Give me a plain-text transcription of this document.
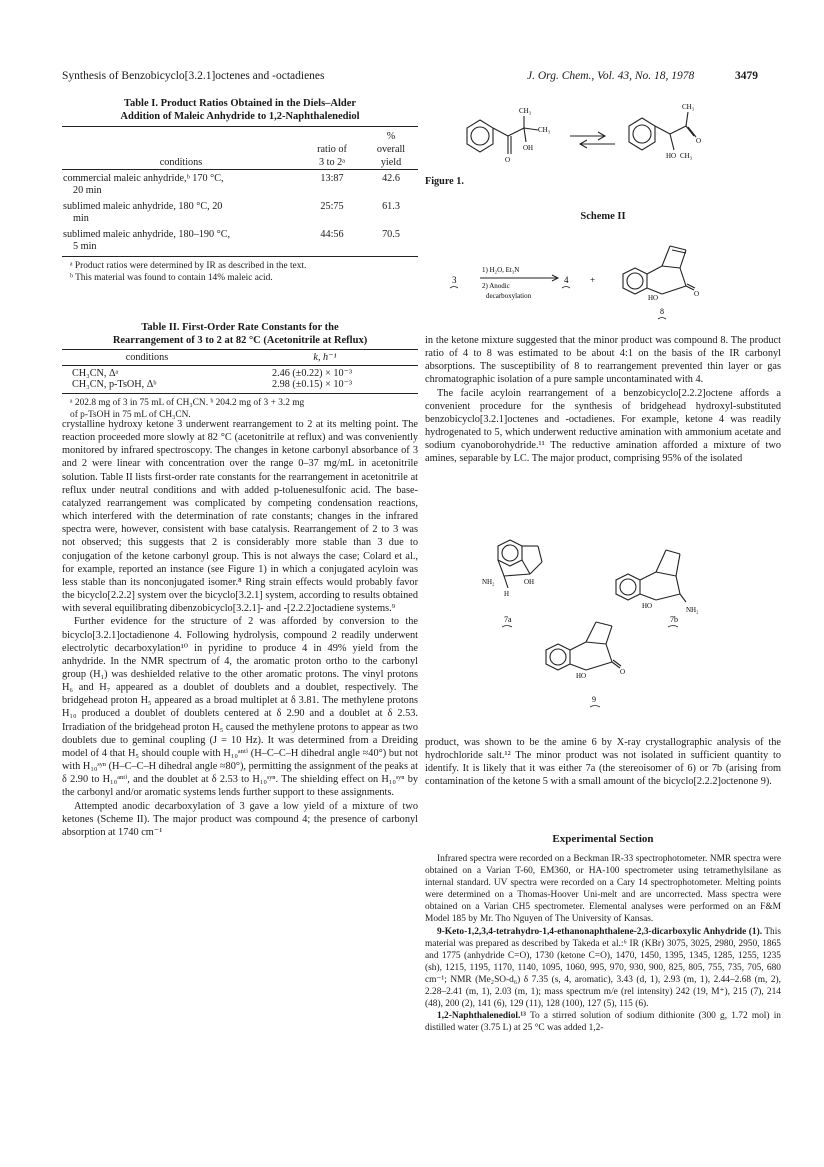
Synthesis of Benzobicyclo[3.2.1]octenes and -octadienes	J. Org. Chem., Vol. 43, No. 18, 1978	3479
Table I. Product Ratios Obtained in the Diels–Alder
Addition of Maleic Anhydride to 1,2-Naphthalenediol
		%
	ratio of	overall
conditions	3 to 2ᵃ	yield
commercial maleic anhydride,ᵇ 170 °C,
20 min	13:87	42.6
sublimed maleic anhydride, 180 °C, 20
min	25:75	61.3
sublimed maleic anhydride, 180–190 °C,
5 min	44:56	70.5
ᵃ Product ratios were determined by IR as described in the text.
ᵇ This material was found to contain 14% maleic acid.
Table II. First-Order Rate Constants for the
Rearrangement of 3 to 2 at 82 °C (Acetonitrile at Reflux)
conditions	k, h⁻¹
CH₃CN, Δᵃ	2.46 (±0.22) × 10⁻³
CH₃CN, p-TsOH, Δᵇ	2.98 (±0.15) × 10⁻³
ᵃ 202.8 mg of 3 in 75 mL of CH₃CN. ᵇ 204.2 mg of 3 + 3.2 mg
of p-TsOH in 75 mL of CH₃CN.

crystalline hydroxy ketone 3 underwent rearrangement to 2 at its melting point. The reaction proceeded more slowly at 82 °C (acetonitrile at reflux) and was conveniently monitored by infrared spectroscopy. The changes in ketone carbonyl absorbance of 3 and 2 were linear with concentration over the range 0–37 mg/mL in acetonitrile solution. Table II lists first-order rate constants for the rearrangement in acetonitrile at reflux under neutral conditions and with added p-toluenesulfonic acid. The base-catalyzed rearrangement was complicated by competing condensation reactions, which interfered with the determination of rate constants; changes in the infrared spectra were, however, consistent with base catalysis. Rearrangement of 2 to 3 was not observed; this suggests that 2 is considerably more stable than 3 due to conjugation of the ketone carbonyl group. This is not always the case; Colard et al., for example, reported an instance (see Figure 1) in which a conjugated acyloin was less stable than its nonconjugated isomer.⁸ Ring strain effects would probably favor the bicyclo[2.2.2] system over the bicyclo[3.2.1] system, according to results obtained with several equilibrating dibenzobicyclo[3.2.1]- and -[2.2.2]octadiene systems.⁹

Further evidence for the structure of 2 was afforded by conversion to the bicyclo[3.2.1]octadienone 4. Following hydrolysis, compound 2 readily underwent electrolytic decarboxylation¹⁰ in pyridine to produce 4 in 49% yield from the anhydride. In the NMR spectrum of 4, the aromatic proton ortho to the carbonyl group (H₁) was deshielded relative to the other aromatic protons. The vinyl protons H₆ and H₇ appeared as a doublet of doublets and a doublet, respectively. The bridgehead proton H₅ appeared as a broad multiplet at δ 3.81. The methylene protons H₁₀ produced a doublet of doublets centered at δ 2.90 and a doublet at δ 2.53. Irradiation of the bridgehead proton H₅ caused the methylene protons to appear as two doublets due to geminal coupling (J = 10 Hz). It was determined from a Dreiding model of 4 that H₅ should couple with H₁₀ᵃⁿᵗⁱ (H–C–C–H dihedral angle ≈40°) but not with H₁₀ˢʸⁿ (H–C–C–H dihedral angle ≈80°), permitting the assignment of the peaks at δ 2.90 to H₁₀ᵃⁿᵗⁱ, and the doublet at δ 2.53 to H₁₀ˢʸⁿ. The shielding effect on H₁₀ˢʸⁿ by the carbonyl and/or aromatic systems lends further support to these assignments.

Attempted anodic decarboxylation of 3 gave a low yield of a mixture of two ketones (Scheme II). The major product was compound 4; the presence of carbonyl absorption at 1740 cm⁻¹

CH₃
CH₃
O
OH
CH₃
O
HO CH₃
Figure 1.
Scheme II
3
1) H₂O, Et₃N
2) Anodic
decarboxylation
4 +
HO	O
8

in the ketone mixture suggested that the minor product was compound 8. The product ratio of 4 to 8 was estimated to be about 4:1 on the basis of the IR carbonyl absorptions. The susceptibility of 8 to rearrangement prevented thin layer or gas chromatographic isolation of a pure sample uncontaminated with 4.

The facile acyloin rearrangement of a benzobicyclo[2.2.2]octene affords a convenient procedure for the synthesis of bridgehead hydroxyl-substituted benzobicyclo[3.2.1]octenes and -octadienes. For example, ketone 4 was readily hydrogenated to 5, which underwent reductive amination with ammonium acetate and sodium cyanoborohydride.¹¹ The reductive amination afforded a mixture of two amines, separable by LC. The major product, comprising 95% of the isolated

NH₂	OH
H
7a
HO	NH₂
7b
HO	O
9

product, was shown to be the amine 6 by X-ray crystallographic analysis of the hydrochloride salt.¹² The minor product was not isolated in sufficient quantity to identify. It is likely that it was either 7a (the stereoisomer of 6) or 7b (arising from contamination of the ketone 5 with a small amount of the bicyclo[2.2.2]octenone 9).

Experimental Section

Infrared spectra were recorded on a Beckman IR-33 spectrophotometer. NMR spectra were obtained on a Varian T-60, EM360, or HA-100 spectrometer using tetramethylsilane as internal standard. UV spectra were recorded on a Cary 14 spectrophotometer. Melting points were determined on a Thomas-Hoover Uni-melt and are uncorrected. Mass spectra were obtained on a Varian CH5 spectrometer. Elemental analyses were performed on an F&M Model 185 by Mr. Tho Nguyen of The University of Kansas.

9-Keto-1,2,3,4-tetrahydro-1,4-ethanonaphthalene-2,3-dicarboxylic Anhydride (1). This material was prepared as described by Takeda et al.:⁶ IR (KBr) 3075, 3025, 2980, 2950, 1865 and 1775 (anhydride C=O), 1730 (ketone C=O), 1470, 1450, 1395, 1345, 1285, 1255, 1235 (sh), 1215, 1195, 1170, 1140, 1095, 1060, 995, 970, 930, 900, 825, 805, 755, 735, 705, 680 cm⁻¹; NMR (Me₂SO-d₆) δ 7.35 (s, 4, aromatic), 3.43 (d, 1), 2.93 (m, 1), 2.44–2.68 (m, 2), 2.28–2.41 (m, 1), 2.03 (m, 1); mass spectrum m/e (rel intensity) 242 (19, M⁺), 215 (7), 214 (48), 200 (2), 141 (6), 129 (11), 128 (100), 127 (5), 115 (6).

1,2-Naphthalenediol.¹³ To a stirred solution of sodium dithionite (300 g, 1.72 mol) in distilled water (3.75 L) at 25 °C was added 1,2-
